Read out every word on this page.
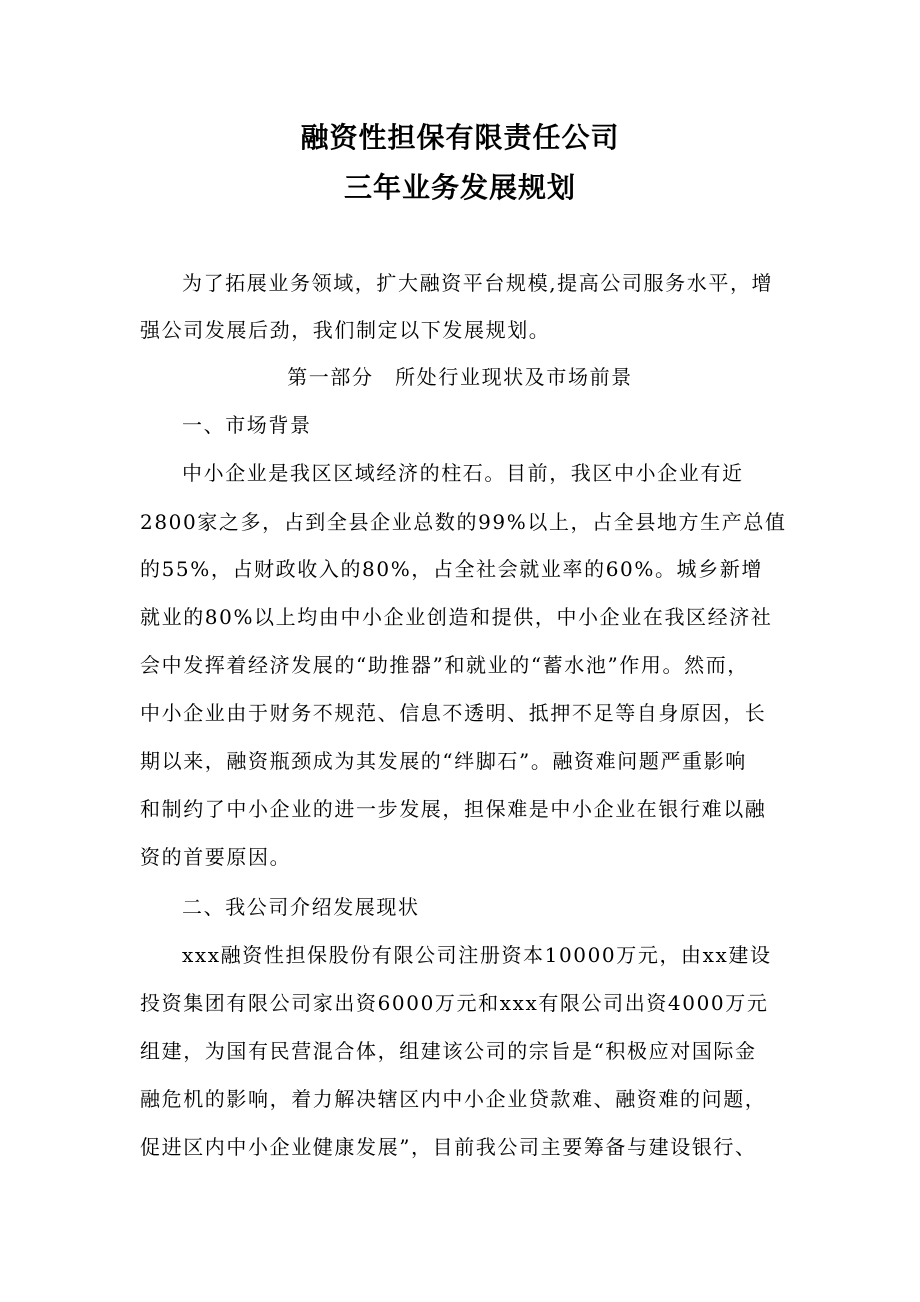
融资性担保有限责任公司
三年业务发展规划
为了拓展业务领域，扩大融资平台规模,提高公司服务水平，增
强公司发展后劲，我们制定以下发展规划。
第一部分　所处行业现状及市场前景
一、市场背景
中小企业是我区区域经济的柱石。目前，我区中小企业有近
2800家之多，占到全县企业总数的99%以上，占全县地方生产总值
的55%，占财政收入的80%，占全社会就业率的60%。城乡新增
就业的80%以上均由中小企业创造和提供，中小企业在我区经济社
会中发挥着经济发展的“助推器”和就业的“蓄水池”作用。然而，
中小企业由于财务不规范、信息不透明、抵押不足等自身原因，长
期以来，融资瓶颈成为其发展的“绊脚石”。融资难问题严重影响
和制约了中小企业的进一步发展，担保难是中小企业在银行难以融
资的首要原因。
二、我公司介绍发展现状
xxx融资性担保股份有限公司注册资本10000万元，由xx建设
投资集团有限公司家出资6000万元和xxx有限公司出资4000万元
组建，为国有民营混合体，组建该公司的宗旨是“积极应对国际金
融危机的影响，着力解决辖区内中小企业贷款难、融资难的问题，
促进区内中小企业健康发展”，目前我公司主要筹备与建设银行、
